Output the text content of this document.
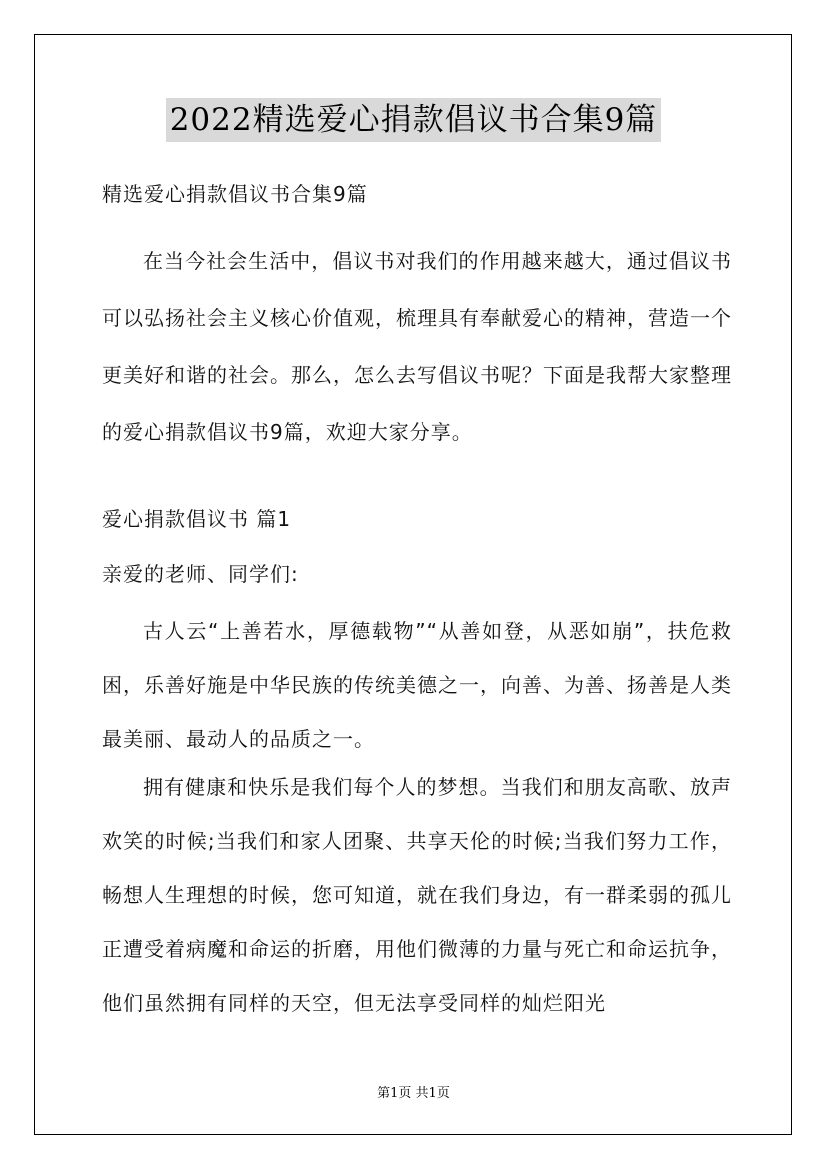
2022精选爱心捐款倡议书合集9篇
精选爱心捐款倡议书合集9篇
在当今社会生活中，倡议书对我们的作用越来越大，通过倡议书可以弘扬社会主义核心价值观，梳理具有奉献爱心的精神，营造一个更美好和谐的社会。那么，怎么去写倡议书呢？下面是我帮大家整理的爱心捐款倡议书9篇，欢迎大家分享。
爱心捐款倡议书 篇1
亲爱的老师、同学们:
古人云“上善若水，厚德载物”“从善如登，从恶如崩”，扶危救困，乐善好施是中华民族的传统美德之一，向善、为善、扬善是人类最美丽、最动人的品质之一。
拥有健康和快乐是我们每个人的梦想。当我们和朋友高歌、放声欢笑的时候;当我们和家人团聚、共享天伦的时候;当我们努力工作，畅想人生理想的时候，您可知道，就在我们身边，有一群柔弱的孤儿正遭受着病魔和命运的折磨，用他们微薄的力量与死亡和命运抗争，他们虽然拥有同样的天空，但无法享受同样的灿烂阳光
第1页 共1页
